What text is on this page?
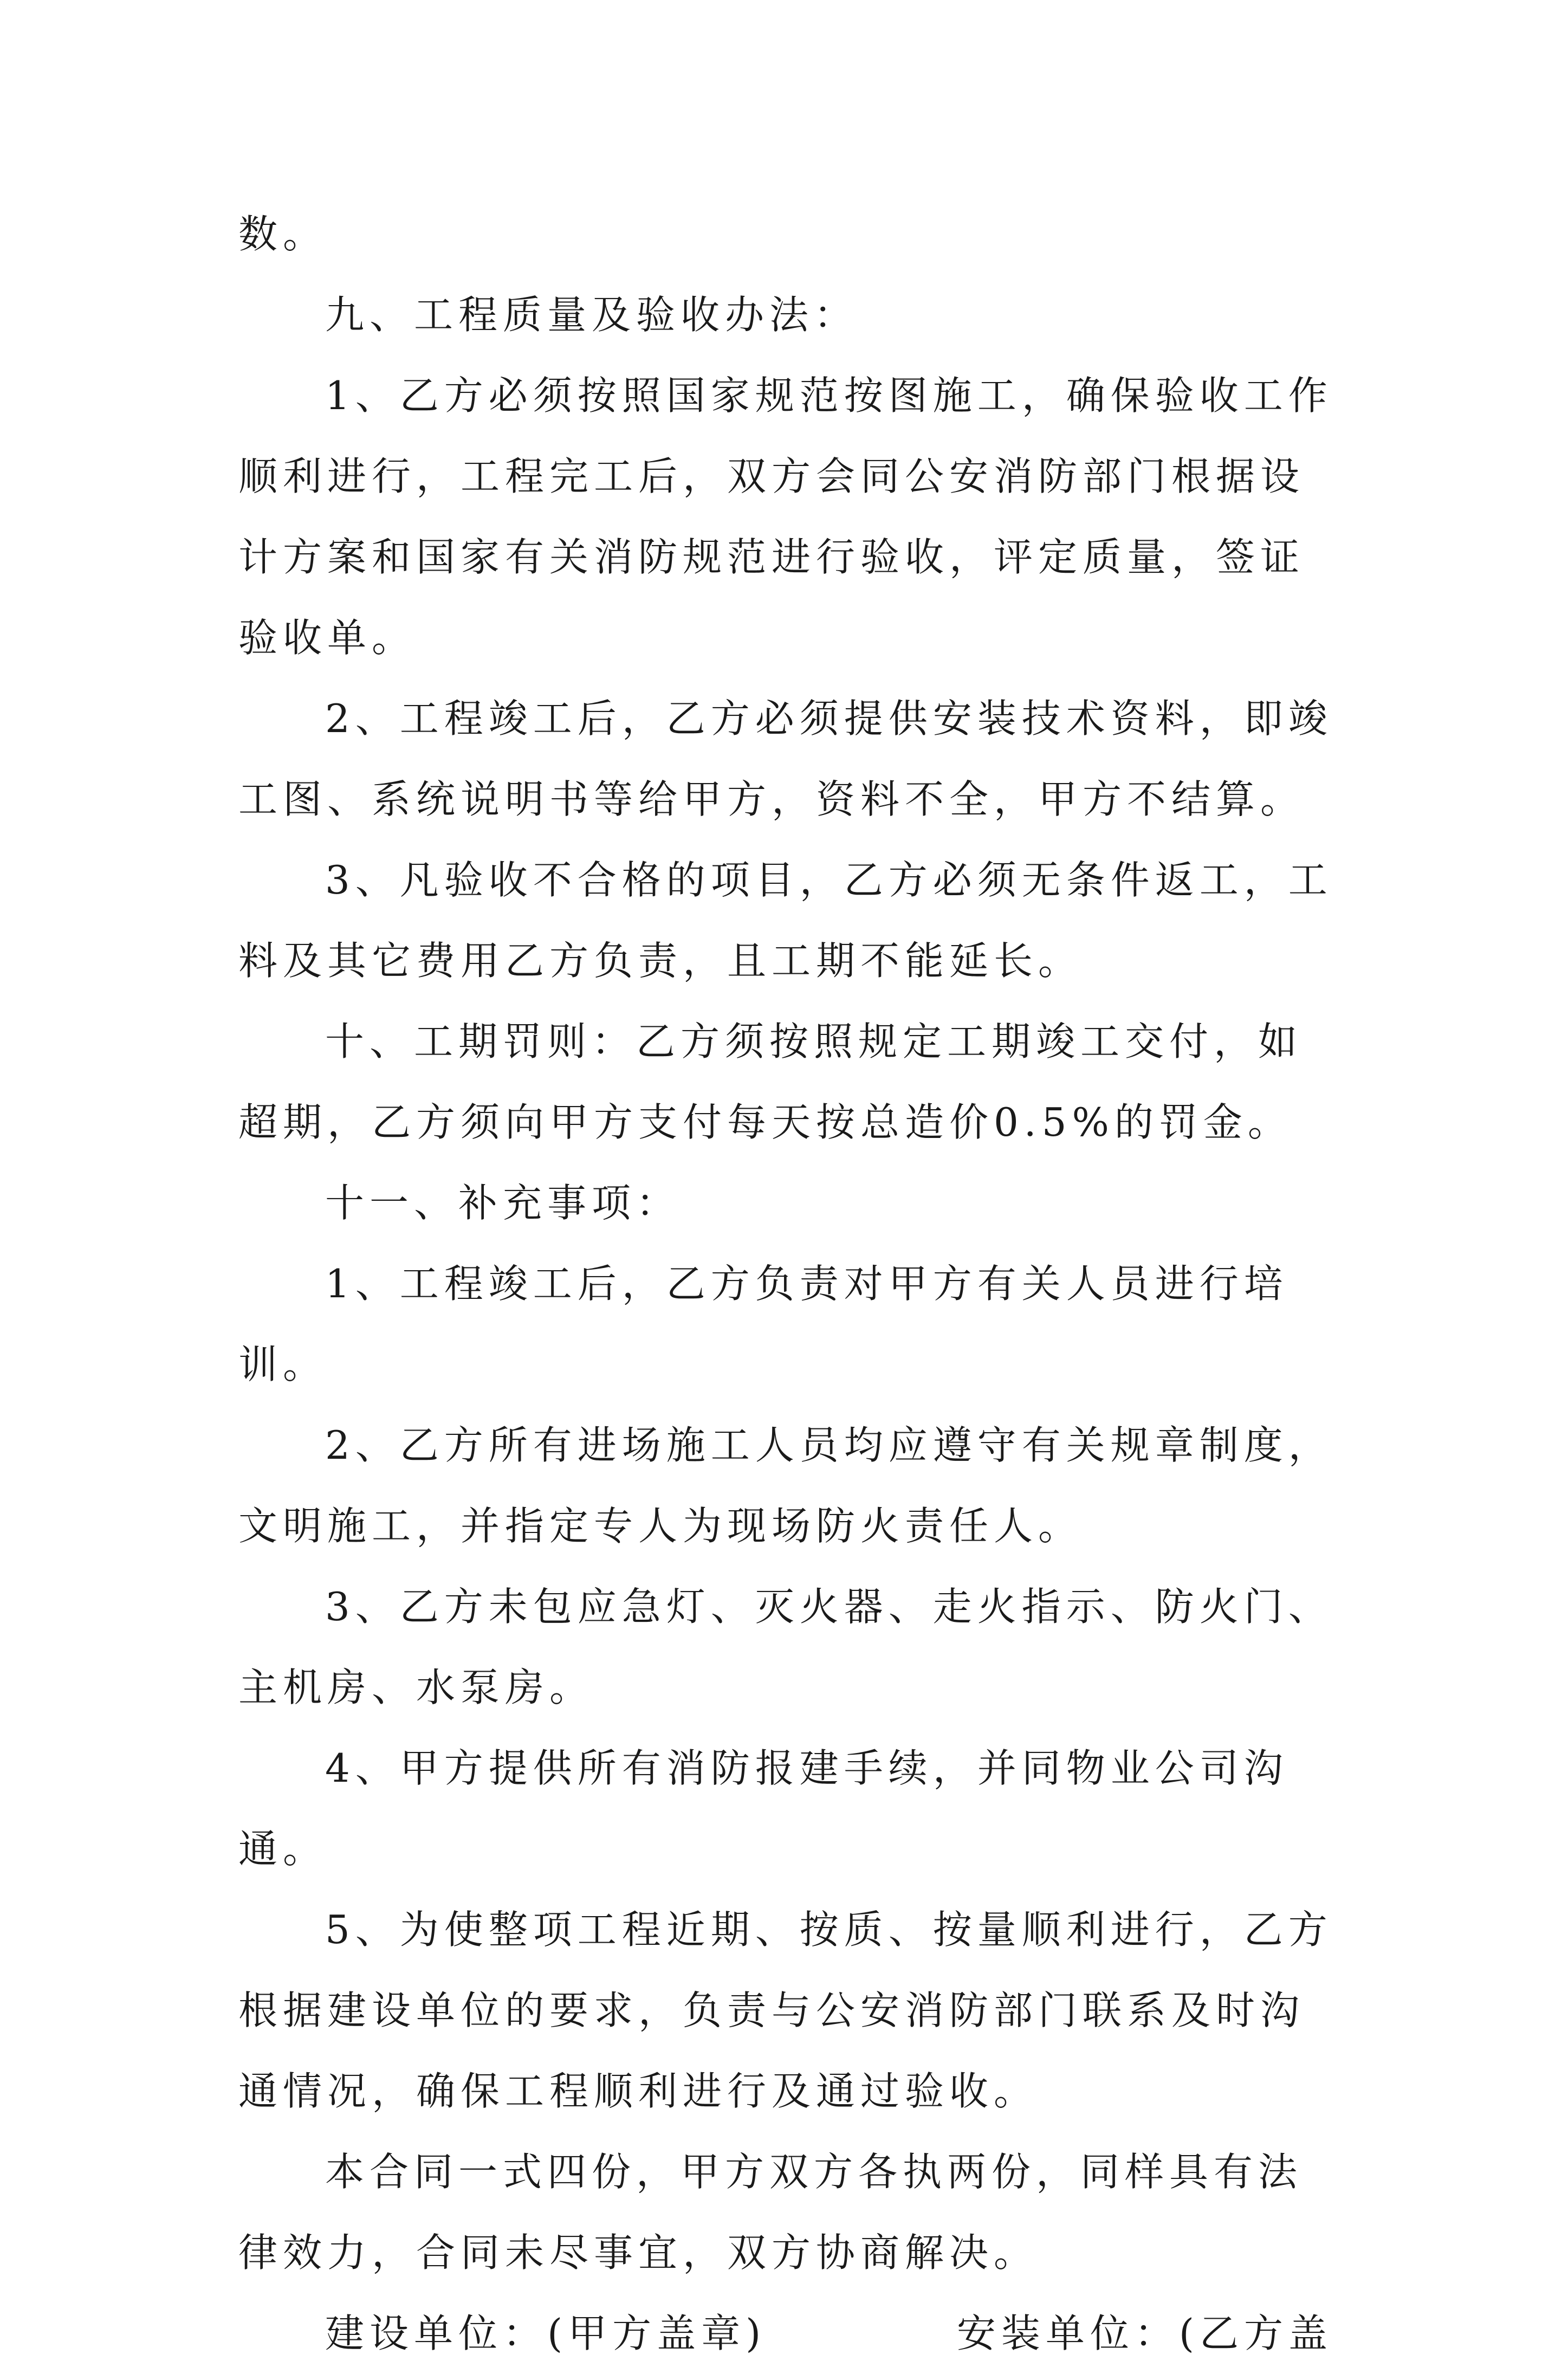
数。

九、工程质量及验收办法：

1、乙方必须按照国家规范按图施工，确保验收工作顺利进行，工程完工后，双方会同公安消防部门根据设计方案和国家有关消防规范进行验收，评定质量，签证验收单。

2、工程竣工后，乙方必须提供安装技术资料，即竣工图、系统说明书等给甲方，资料不全，甲方不结算。

3、凡验收不合格的项目，乙方必须无条件返工，工料及其它费用乙方负责，且工期不能延长。

十、工期罚则：乙方须按照规定工期竣工交付，如超期，乙方须向甲方支付每天按总造价0.5%的罚金。

十一、补充事项：

1、工程竣工后，乙方负责对甲方有关人员进行培训。

2、乙方所有进场施工人员均应遵守有关规章制度，文明施工，并指定专人为现场防火责任人。

3、乙方未包应急灯、灭火器、走火指示、防火门、主机房、水泵房。

4、甲方提供所有消防报建手续，并同物业公司沟通。

5、为使整项工程近期、按质、按量顺利进行，乙方根据建设单位的要求，负责与公安消防部门联系及时沟通情况，确保工程顺利进行及通过验收。

本合同一式四份，甲方双方各执两份，同样具有法律效力，合同未尽事宜，双方协商解决。

建设单位：(甲方盖章)	安装单位：(乙方盖
